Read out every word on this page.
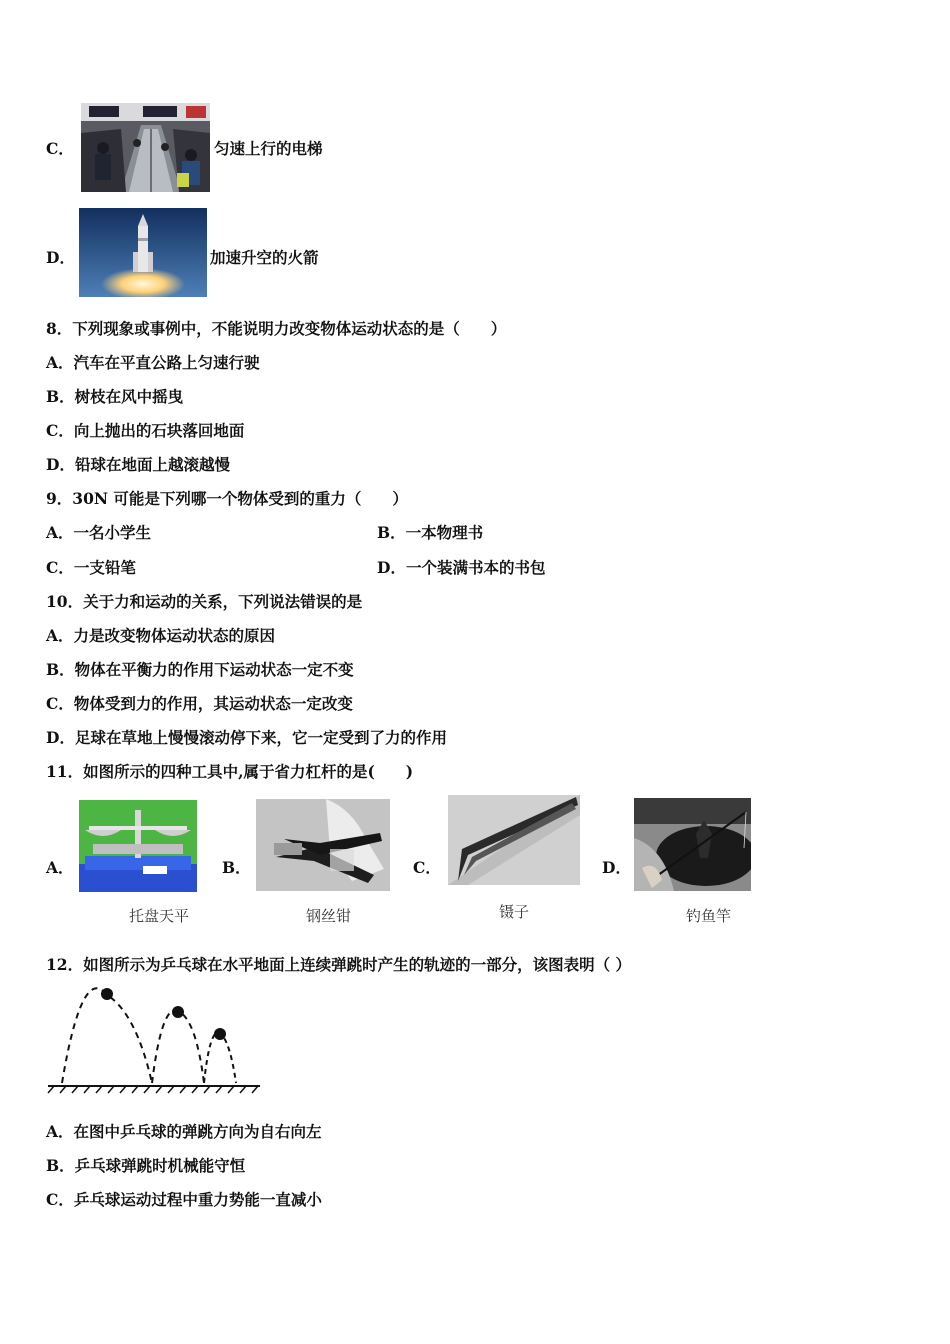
C．	匀速上行的电梯
D．	加速升空的火箭
8．下列现象或事例中，不能说明力改变物体运动状态的是（　　）
A．汽车在平直公路上匀速行驶
B．树枝在风中摇曳
C．向上抛出的石块落回地面
D．铅球在地面上越滚越慢
9．30N 可能是下列哪一个物体受到的重力（　　）
A．一名小学生	B．一本物理书
C．一支铅笔	D．一个装满书本的书包
10．关于力和运动的关系，下列说法错误的是
A．力是改变物体运动状态的原因
B．物体在平衡力的作用下运动状态一定不变
C．物体受到力的作用，其运动状态一定改变
D．足球在草地上慢慢滚动停下来，它一定受到了力的作用
11．如图所示的四种工具中,属于省力杠杆的是(　　)
A．
托盘天平
B．
钢丝钳
C．
镊子
D．
钓鱼竿
12．如图所示为乒乓球在水平地面上连续弹跳时产生的轨迹的一部分，该图表明（ ）
A．在图中乒乓球的弹跳方向为自右向左
B．乒乓球弹跳时机械能守恒
C．乒乓球运动过程中重力势能一直减小
